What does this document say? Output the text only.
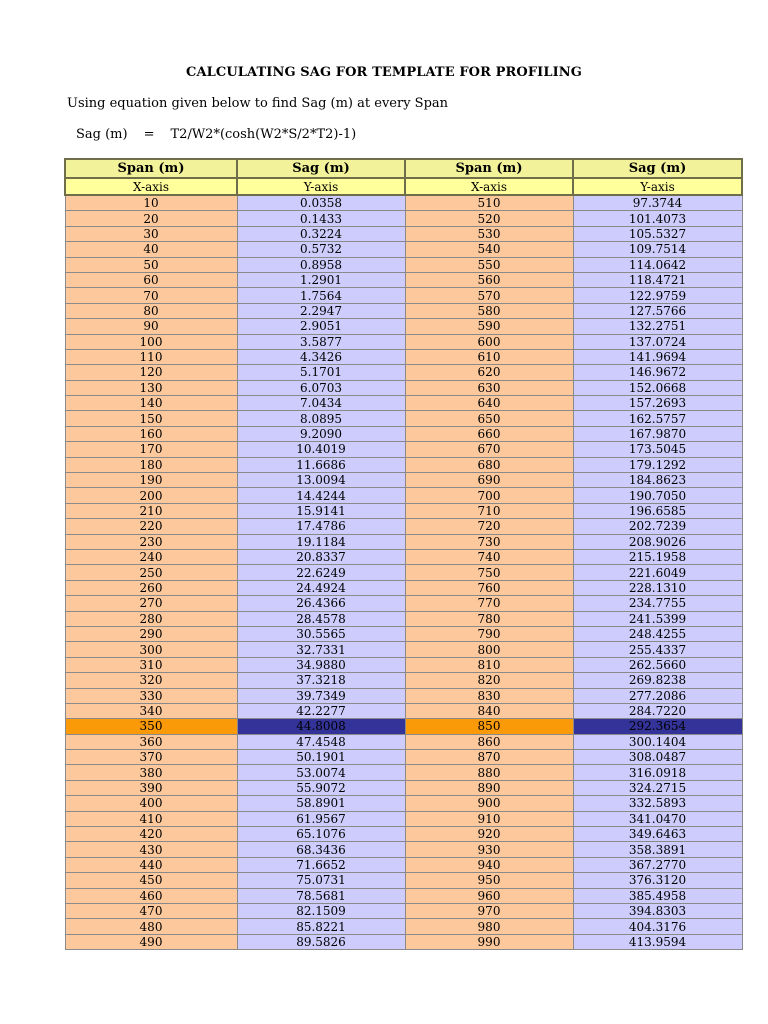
CALCULATING SAG FOR TEMPLATE FOR PROFILING
Using equation given below to find Sag (m) at every Span
Sag (m) = T2/W2*(cosh(W2*S/2*T2)-1)
Span (m)	Sag (m)	Span (m)	Sag (m)
X-axis	Y-axis	X-axis	Y-axis
10	0.0358	510	97.3744
20	0.1433	520	101.4073
30	0.3224	530	105.5327
40	0.5732	540	109.7514
50	0.8958	550	114.0642
60	1.2901	560	118.4721
70	1.7564	570	122.9759
80	2.2947	580	127.5766
90	2.9051	590	132.2751
100	3.5877	600	137.0724
110	4.3426	610	141.9694
120	5.1701	620	146.9672
130	6.0703	630	152.0668
140	7.0434	640	157.2693
150	8.0895	650	162.5757
160	9.2090	660	167.9870
170	10.4019	670	173.5045
180	11.6686	680	179.1292
190	13.0094	690	184.8623
200	14.4244	700	190.7050
210	15.9141	710	196.6585
220	17.4786	720	202.7239
230	19.1184	730	208.9026
240	20.8337	740	215.1958
250	22.6249	750	221.6049
260	24.4924	760	228.1310
270	26.4366	770	234.7755
280	28.4578	780	241.5399
290	30.5565	790	248.4255
300	32.7331	800	255.4337
310	34.9880	810	262.5660
320	37.3218	820	269.8238
330	39.7349	830	277.2086
340	42.2277	840	284.7220
350	44.8008	850	292.3654
360	47.4548	860	300.1404
370	50.1901	870	308.0487
380	53.0074	880	316.0918
390	55.9072	890	324.2715
400	58.8901	900	332.5893
410	61.9567	910	341.0470
420	65.1076	920	349.6463
430	68.3436	930	358.3891
440	71.6652	940	367.2770
450	75.0731	950	376.3120
460	78.5681	960	385.4958
470	82.1509	970	394.8303
480	85.8221	980	404.3176
490	89.5826	990	413.9594
